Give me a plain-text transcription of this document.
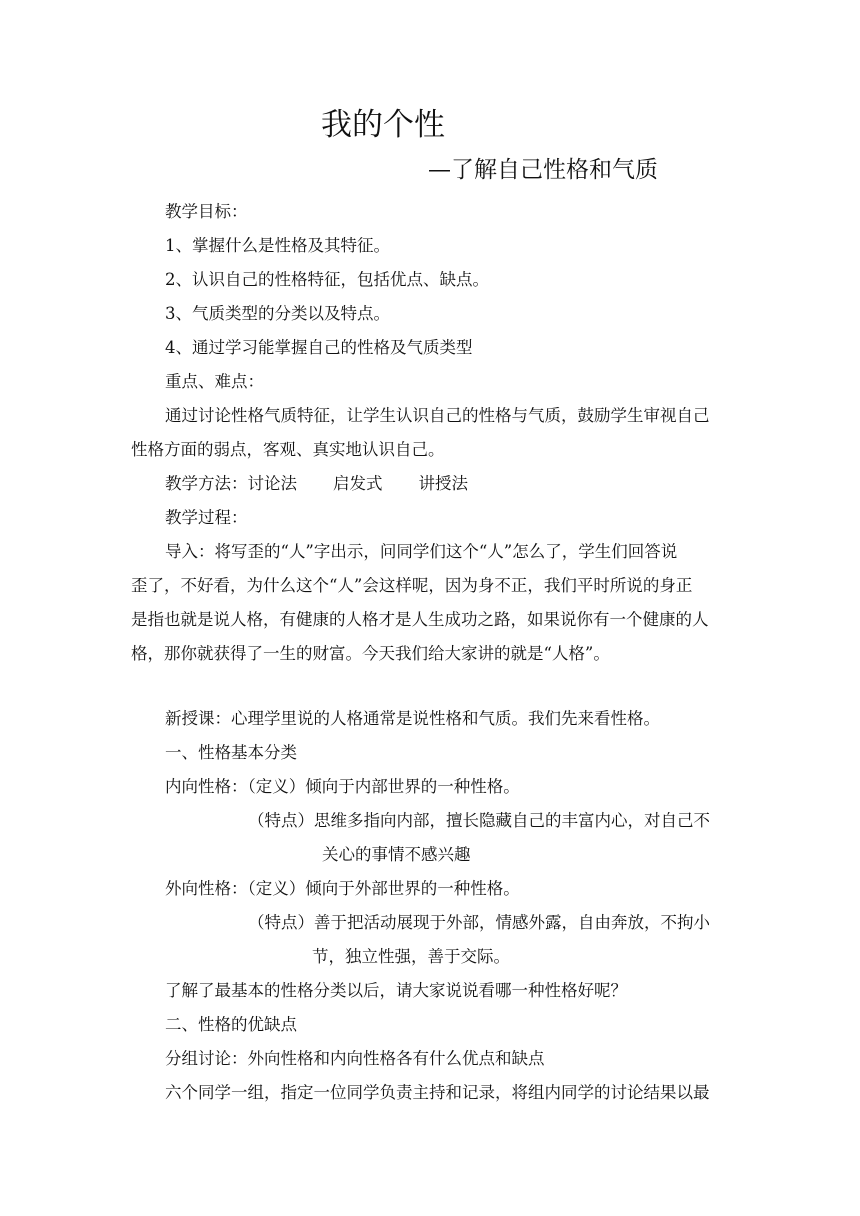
我的个性
—了解自己性格和气质
教学目标：
1、掌握什么是性格及其特征。
2、认识自己的性格特征，包括优点、缺点。
3、气质类型的分类以及特点。
4、通过学习能掌握自己的性格及气质类型
重点、难点：
通过讨论性格气质特征，让学生认识自己的性格与气质，鼓励学生审视自己
性格方面的弱点，客观、真实地认识自己。
教学方法：讨论法 启发式 讲授法
教学过程：
导入：将写歪的“人”字出示，问同学们这个“人”怎么了，学生们回答说
歪了，不好看，为什么这个“人”会这样呢，因为身不正，我们平时所说的身正
是指也就是说人格，有健康的人格才是人生成功之路，如果说你有一个健康的人
格，那你就获得了一生的财富。今天我们给大家讲的就是“人格”。
新授课：心理学里说的人格通常是说性格和气质。我们先来看性格。
一、性格基本分类
内向性格：（定义）倾向于内部世界的一种性格。
（特点）思维多指向内部，擅长隐藏自己的丰富内心，对自己不
关心的事情不感兴趣
外向性格：（定义）倾向于外部世界的一种性格。
（特点）善于把活动展现于外部，情感外露，自由奔放，不拘小
节，独立性强，善于交际。
了解了最基本的性格分类以后，请大家说说看哪一种性格好呢？
二、性格的优缺点
分组讨论：外向性格和内向性格各有什么优点和缺点
六个同学一组，指定一位同学负责主持和记录，将组内同学的讨论结果以最
